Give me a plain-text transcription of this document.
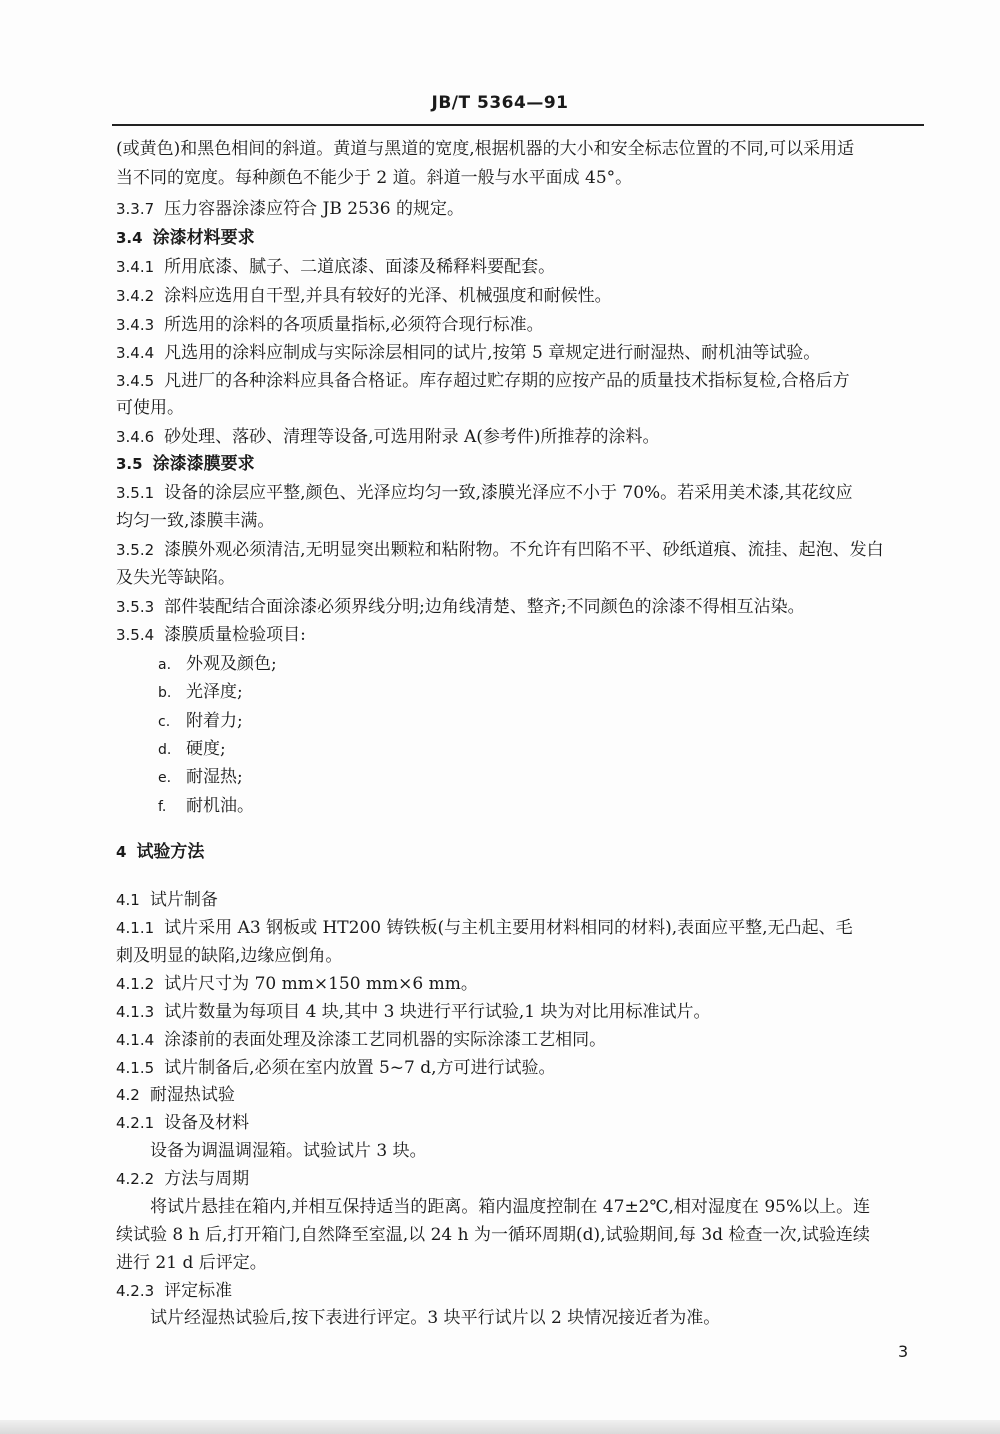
JB/T 5364—91
(或黄色)和黑色相间的斜道。黄道与黑道的宽度,根据机器的大小和安全标志位置的不同,可以采用适
当不同的宽度。每种颜色不能少于 2 道。斜道一般与水平面成 45°。
3.3.7 压力容器涂漆应符合 JB 2536 的规定。
3.4 涂漆材料要求
3.4.1 所用底漆、腻子、二道底漆、面漆及稀释料要配套。
3.4.2 涂料应选用自干型,并具有较好的光泽、机械强度和耐候性。
3.4.3 所选用的涂料的各项质量指标,必须符合现行标准。
3.4.4 凡选用的涂料应制成与实际涂层相同的试片,按第 5 章规定进行耐湿热、耐机油等试验。
3.4.5 凡进厂的各种涂料应具备合格证。库存超过贮存期的应按产品的质量技术指标复检,合格后方
可使用。
3.4.6 砂处理、落砂、清理等设备,可选用附录 A(参考件)所推荐的涂料。
3.5 涂漆漆膜要求
3.5.1 设备的涂层应平整,颜色、光泽应均匀一致,漆膜光泽应不小于 70%。若采用美术漆,其花纹应
均匀一致,漆膜丰满。
3.5.2 漆膜外观必须清洁,无明显突出颗粒和粘附物。不允许有凹陷不平、砂纸道痕、流挂、起泡、发白
及失光等缺陷。
3.5.3 部件装配结合面涂漆必须界线分明;边角线清楚、整齐;不同颜色的涂漆不得相互沾染。
3.5.4 漆膜质量检验项目:
a. 外观及颜色;
b. 光泽度;
c. 附着力;
d. 硬度;
e. 耐湿热;
f. 耐机油。
4 试验方法
4.1 试片制备
4.1.1 试片采用 A3 钢板或 HT200 铸铁板(与主机主要用材料相同的材料),表面应平整,无凸起、毛
刺及明显的缺陷,边缘应倒角。
4.1.2 试片尺寸为 70 mm×150 mm×6 mm。
4.1.3 试片数量为每项目 4 块,其中 3 块进行平行试验,1 块为对比用标准试片。
4.1.4 涂漆前的表面处理及涂漆工艺同机器的实际涂漆工艺相同。
4.1.5 试片制备后,必须在室内放置 5~7 d,方可进行试验。
4.2 耐湿热试验
4.2.1 设备及材料
　　设备为调温调湿箱。试验试片 3 块。
4.2.2 方法与周期
　　将试片悬挂在箱内,并相互保持适当的距离。箱内温度控制在 47±2℃,相对湿度在 95%以上。连
续试验 8 h 后,打开箱门,自然降至室温,以 24 h 为一循环周期(d),试验期间,每 3d 检查一次,试验连续
进行 21 d 后评定。
4.2.3 评定标准
　　试片经湿热试验后,按下表进行评定。3 块平行试片以 2 块情况接近者为准。
3
